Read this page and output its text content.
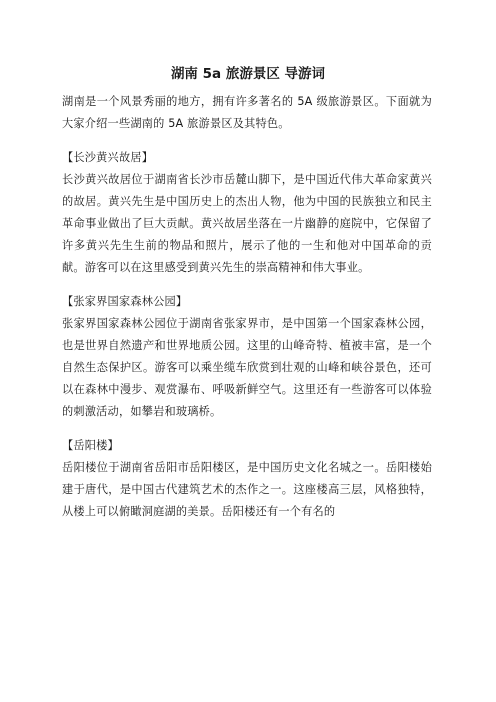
湖南 5a 旅游景区 导游词

湖南是一个风景秀丽的地方，拥有许多著名的 5A 级旅游景区。下面就为大家介绍一些湖南的 5A 旅游景区及其特色。

【长沙黄兴故居】

长沙黄兴故居位于湖南省长沙市岳麓山脚下，是中国近代伟大革命家黄兴的故居。黄兴先生是中国历史上的杰出人物，他为中国的民族独立和民主革命事业做出了巨大贡献。黄兴故居坐落在一片幽静的庭院中，它保留了许多黄兴先生生前的物品和照片，展示了他的一生和他对中国革命的贡献。游客可以在这里感受到黄兴先生的崇高精神和伟大事业。

【张家界国家森林公园】

张家界国家森林公园位于湖南省张家界市，是中国第一个国家森林公园，也是世界自然遗产和世界地质公园。这里的山峰奇特、植被丰富，是一个自然生态保护区。游客可以乘坐缆车欣赏到壮观的山峰和峡谷景色，还可以在森林中漫步、观赏瀑布、呼吸新鲜空气。这里还有一些游客可以体验的刺激活动，如攀岩和玻璃桥。

【岳阳楼】

岳阳楼位于湖南省岳阳市岳阳楼区，是中国历史文化名城之一。岳阳楼始建于唐代，是中国古代建筑艺术的杰作之一。这座楼高三层，风格独特，从楼上可以俯瞰洞庭湖的美景。岳阳楼还有一个有名的
